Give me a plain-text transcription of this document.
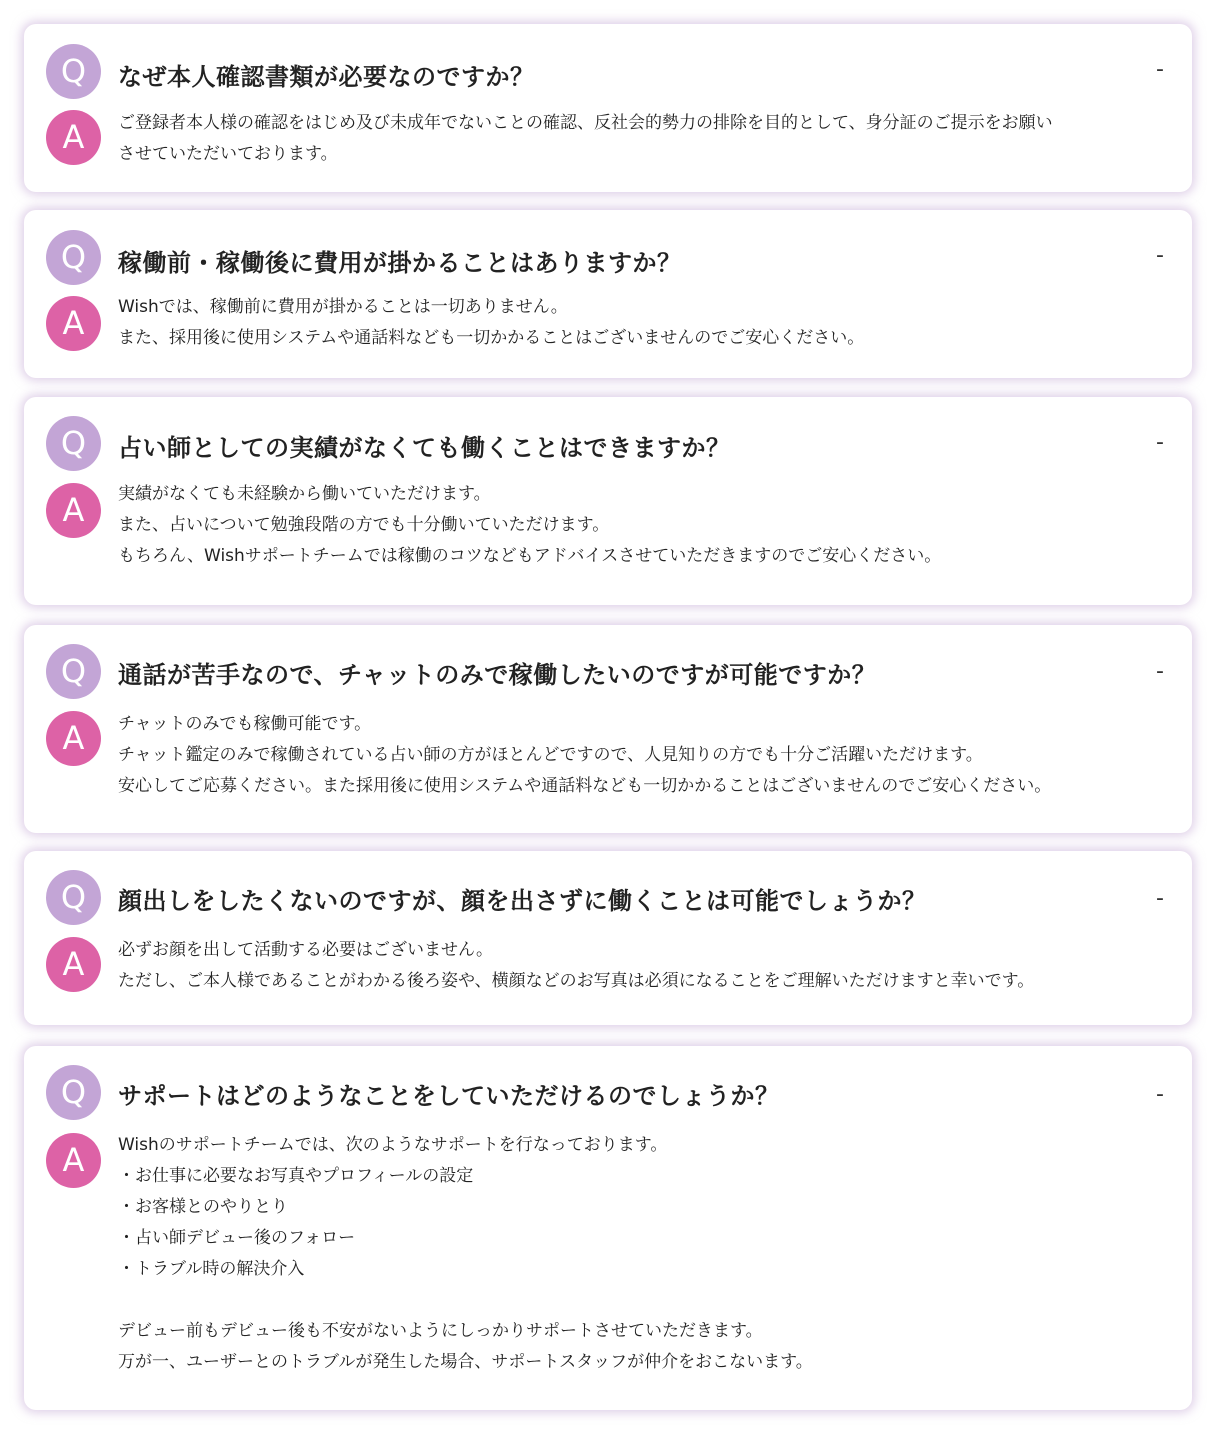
Q	なぜ本人確認書類が必要なのですか？	-
A	ご登録者本人様の確認をはじめ及び未成年でないことの確認、反社会的勢力の排除を目的として、身分証のご提示をお願い
させていただいております。
Q	稼働前・稼働後に費用が掛かることはありますか？	-
A	Wishでは、稼働前に費用が掛かることは一切ありません。
また、採用後に使用システムや通話料なども一切かかることはございませんのでご安心ください。
Q	占い師としての実績がなくても働くことはできますか？	-
A	実績がなくても未経験から働いていただけます。
また、占いについて勉強段階の方でも十分働いていただけます。
もちろん、Wishサポートチームでは稼働のコツなどもアドバイスさせていただきますのでご安心ください。
Q	通話が苦手なので、チャットのみで稼働したいのですが可能ですか？	-
A	チャットのみでも稼働可能です。
チャット鑑定のみで稼働されている占い師の方がほとんどですので、人見知りの方でも十分ご活躍いただけます。
安心してご応募ください。また採用後に使用システムや通話料なども一切かかることはございませんのでご安心ください。
Q	顔出しをしたくないのですが、顔を出さずに働くことは可能でしょうか？	-
A	必ずお顔を出して活動する必要はございません。
ただし、ご本人様であることがわかる後ろ姿や、横顔などのお写真は必須になることをご理解いただけますと幸いです。
Q	サポートはどのようなことをしていただけるのでしょうか？	-
A	Wishのサポートチームでは、次のようなサポートを行なっております。
・お仕事に必要なお写真やプロフィールの設定
・お客様とのやりとり
・占い師デビュー後のフォロー
・トラブル時の解決介入
デビュー前もデビュー後も不安がないようにしっかりサポートさせていただきます。
万が一、ユーザーとのトラブルが発生した場合、サポートスタッフが仲介をおこないます。
